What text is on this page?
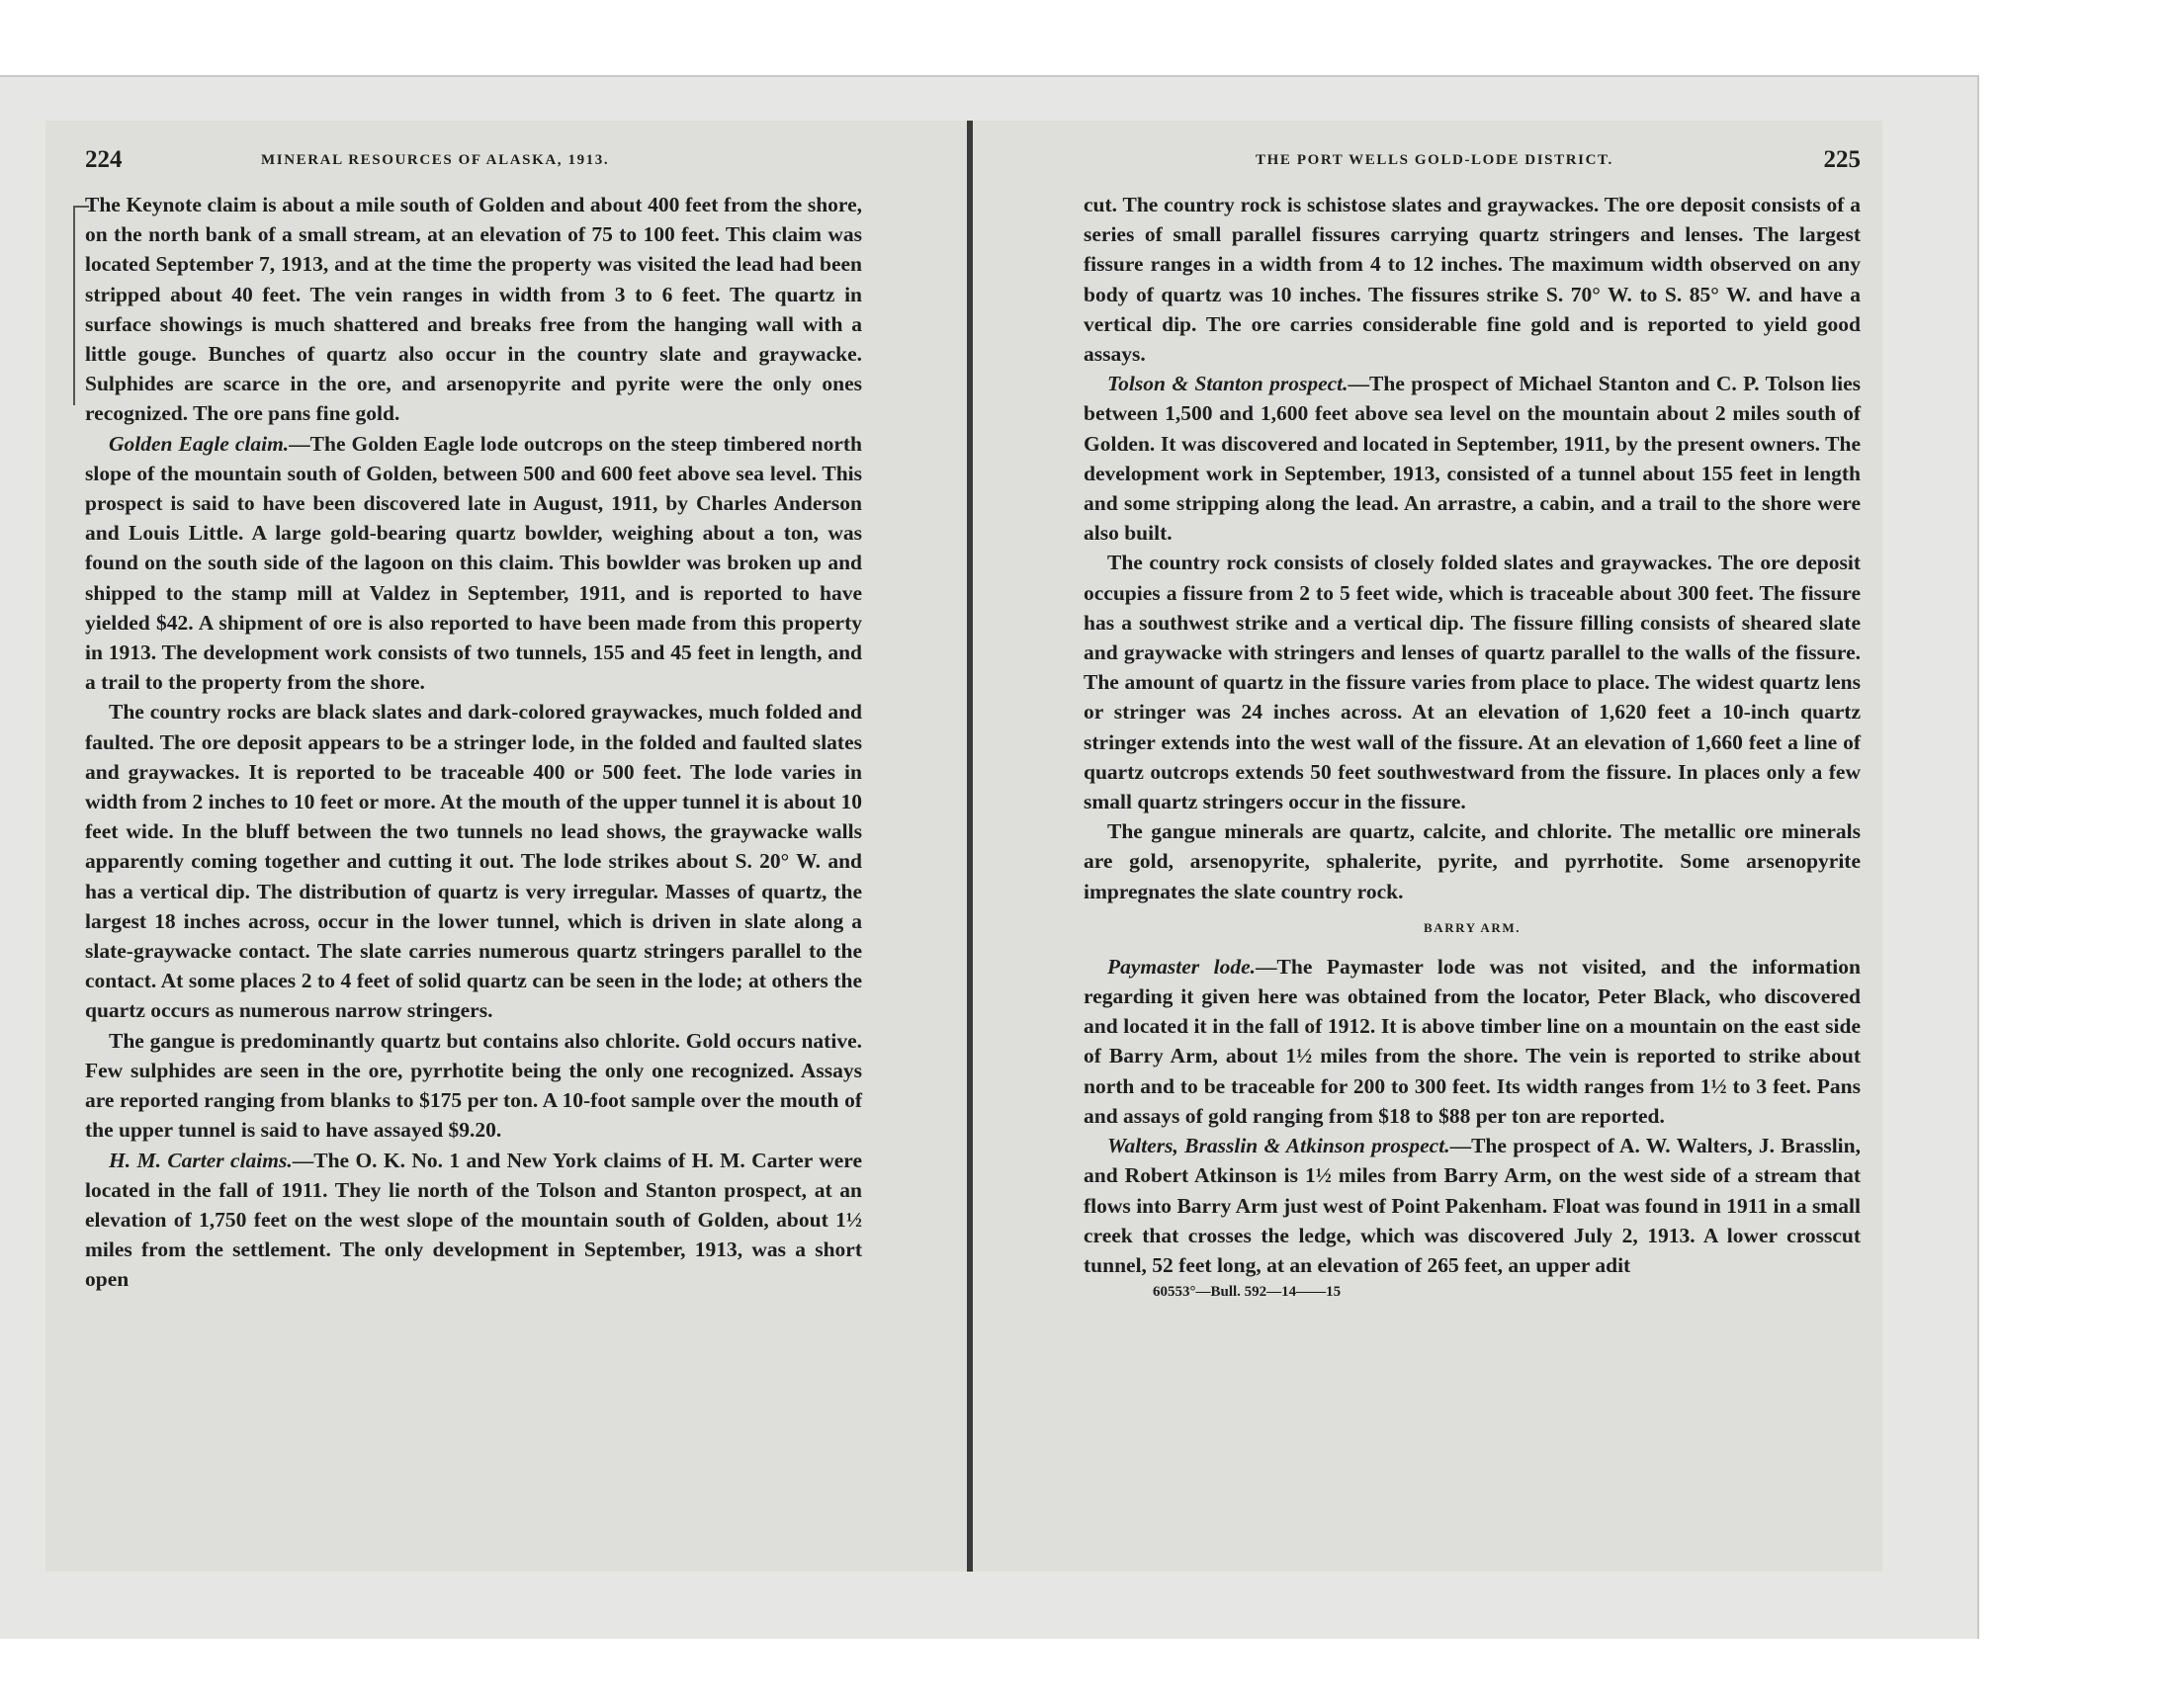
224	MINERAL RESOURCES OF ALASKA, 1913.

The Keynote claim is about a mile south of Golden and about 400 feet from the shore, on the north bank of a small stream, at an elevation of 75 to 100 feet. This claim was located September 7, 1913, and at the time the property was visited the lead had been stripped about 40 feet. The vein ranges in width from 3 to 6 feet. The quartz in surface showings is much shattered and breaks free from the hanging wall with a little gouge. Bunches of quartz also occur in the country slate and graywacke. Sulphides are scarce in the ore, and arsenopyrite and pyrite were the only ones recognized. The ore pans fine gold.

Golden Eagle claim.—The Golden Eagle lode outcrops on the steep timbered north slope of the mountain south of Golden, between 500 and 600 feet above sea level. This prospect is said to have been discovered late in August, 1911, by Charles Anderson and Louis Little. A large gold-bearing quartz bowlder, weighing about a ton, was found on the south side of the lagoon on this claim. This bowlder was broken up and shipped to the stamp mill at Valdez in September, 1911, and is reported to have yielded $42. A shipment of ore is also reported to have been made from this property in 1913. The development work consists of two tunnels, 155 and 45 feet in length, and a trail to the property from the shore.

The country rocks are black slates and dark-colored graywackes, much folded and faulted. The ore deposit appears to be a stringer lode, in the folded and faulted slates and graywackes. It is reported to be traceable 400 or 500 feet. The lode varies in width from 2 inches to 10 feet or more. At the mouth of the upper tunnel it is about 10 feet wide. In the bluff between the two tunnels no lead shows, the graywacke walls apparently coming together and cutting it out. The lode strikes about S. 20° W. and has a vertical dip. The distribution of quartz is very irregular. Masses of quartz, the largest 18 inches across, occur in the lower tunnel, which is driven in slate along a slate-graywacke contact. The slate carries numerous quartz stringers parallel to the contact. At some places 2 to 4 feet of solid quartz can be seen in the lode; at others the quartz occurs as numerous narrow stringers.

The gangue is predominantly quartz but contains also chlorite. Gold occurs native. Few sulphides are seen in the ore, pyrrhotite being the only one recognized. Assays are reported ranging from blanks to $175 per ton. A 10-foot sample over the mouth of the upper tunnel is said to have assayed $9.20.

H. M. Carter claims.—The O. K. No. 1 and New York claims of H. M. Carter were located in the fall of 1911. They lie north of the Tolson and Stanton prospect, at an elevation of 1,750 feet on the west slope of the mountain south of Golden, about 1½ miles from the settlement. The only development in September, 1913, was a short open

THE PORT WELLS GOLD-LODE DISTRICT.	225

cut. The country rock is schistose slates and graywackes. The ore deposit consists of a series of small parallel fissures carrying quartz stringers and lenses. The largest fissure ranges in a width from 4 to 12 inches. The maximum width observed on any body of quartz was 10 inches. The fissures strike S. 70° W. to S. 85° W. and have a vertical dip. The ore carries considerable fine gold and is reported to yield good assays.

Tolson & Stanton prospect.—The prospect of Michael Stanton and C. P. Tolson lies between 1,500 and 1,600 feet above sea level on the mountain about 2 miles south of Golden. It was discovered and located in September, 1911, by the present owners. The development work in September, 1913, consisted of a tunnel about 155 feet in length and some stripping along the lead. An arrastre, a cabin, and a trail to the shore were also built.

The country rock consists of closely folded slates and graywackes. The ore deposit occupies a fissure from 2 to 5 feet wide, which is traceable about 300 feet. The fissure has a southwest strike and a vertical dip. The fissure filling consists of sheared slate and graywacke with stringers and lenses of quartz parallel to the walls of the fissure. The amount of quartz in the fissure varies from place to place. The widest quartz lens or stringer was 24 inches across. At an elevation of 1,620 feet a 10-inch quartz stringer extends into the west wall of the fissure. At an elevation of 1,660 feet a line of quartz outcrops extends 50 feet southwestward from the fissure. In places only a few small quartz stringers occur in the fissure.

The gangue minerals are quartz, calcite, and chlorite. The metallic ore minerals are gold, arsenopyrite, sphalerite, pyrite, and pyrrhotite. Some arsenopyrite impregnates the slate country rock.

BARRY ARM.

Paymaster lode.—The Paymaster lode was not visited, and the information regarding it given here was obtained from the locator, Peter Black, who discovered and located it in the fall of 1912. It is above timber line on a mountain on the east side of Barry Arm, about 1½ miles from the shore. The vein is reported to strike about north and to be traceable for 200 to 300 feet. Its width ranges from 1½ to 3 feet. Pans and assays of gold ranging from $18 to $88 per ton are reported.

Walters, Brasslin & Atkinson prospect.—The prospect of A. W. Walters, J. Brasslin, and Robert Atkinson is 1½ miles from Barry Arm, on the west side of a stream that flows into Barry Arm just west of Point Pakenham. Float was found in 1911 in a small creek that crosses the ledge, which was discovered July 2, 1913. A lower crosscut tunnel, 52 feet long, at an elevation of 265 feet, an upper adit

60553°—Bull. 592—14——15
